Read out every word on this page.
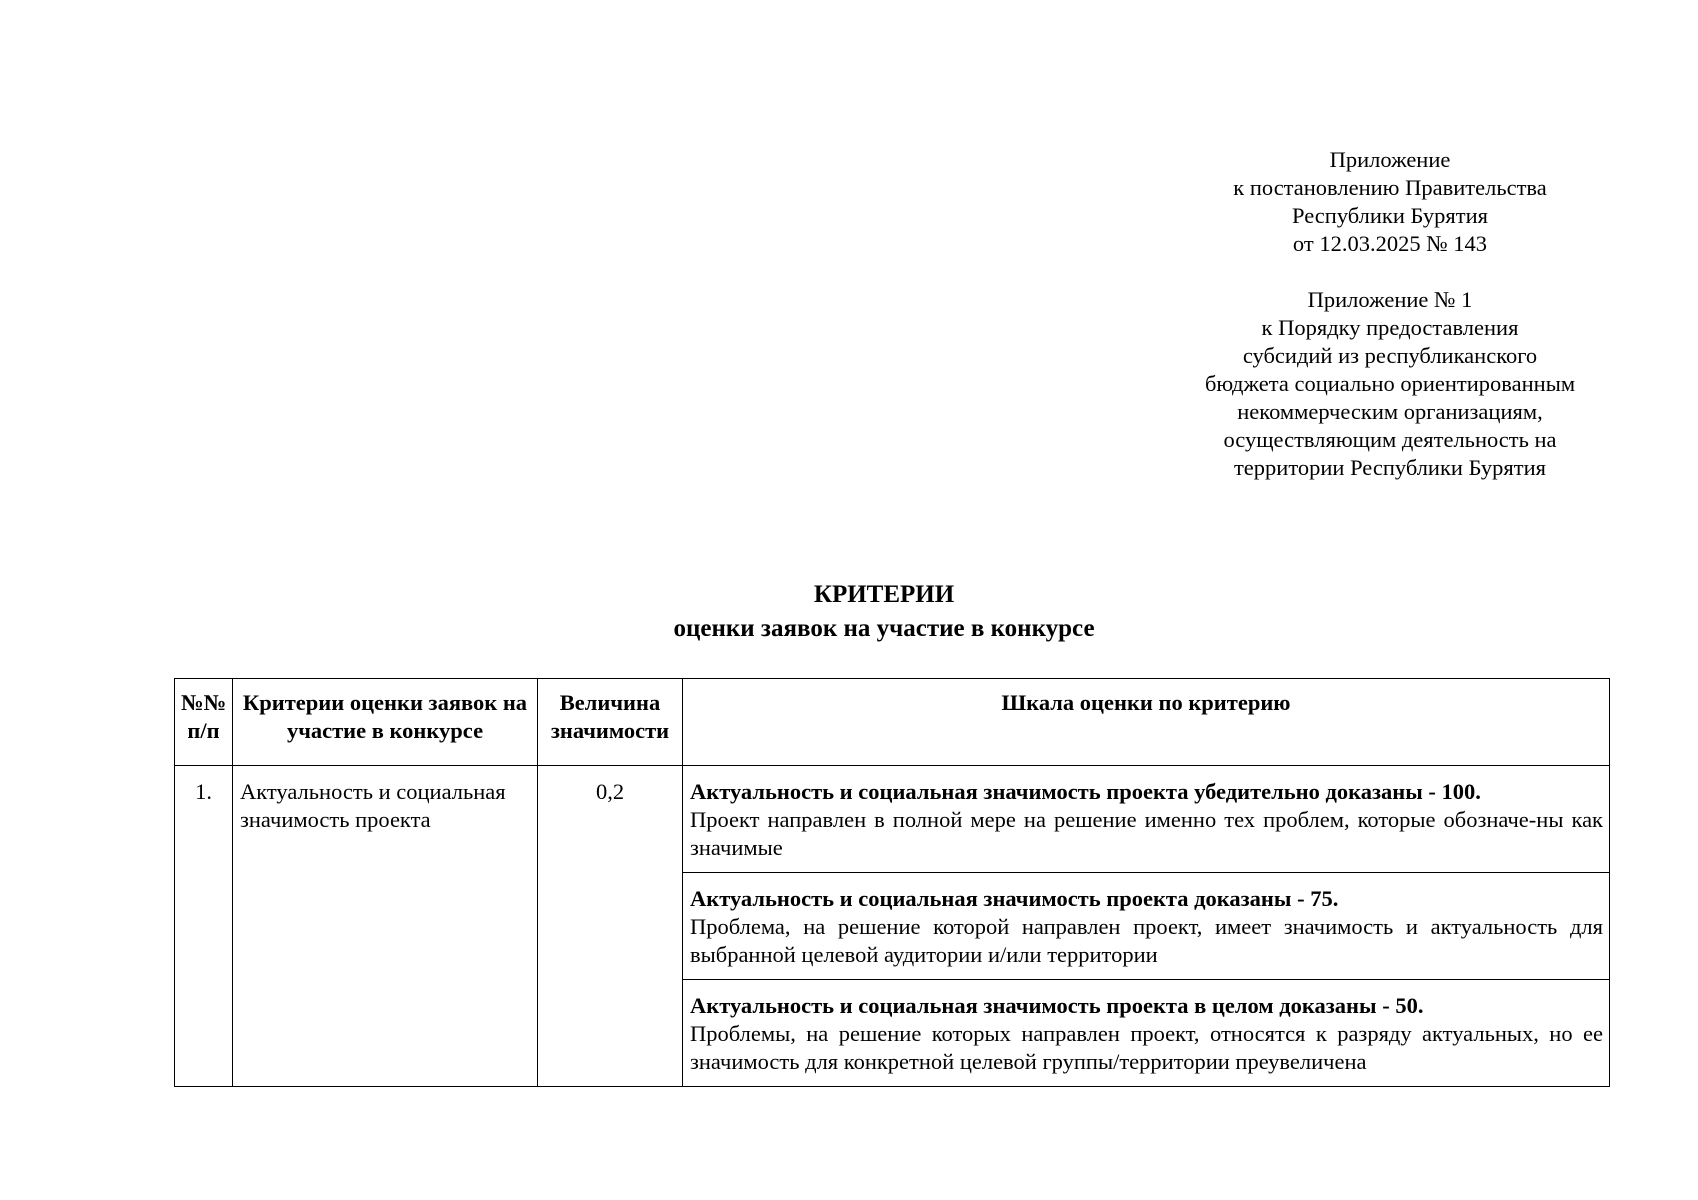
Приложение
к постановлению Правительства
Республики Бурятия
от 12.03.2025 № 143
Приложение № 1
к Порядку предоставления
субсидий из республиканского
бюджета социально ориентированным
некоммерческим организациям,
осуществляющим деятельность на
территории Республики Бурятия
КРИТЕРИИ
оценки заявок на участие в конкурсе
№№ п/п	Критерии оценки заявок на участие в конкурсе	Величина значимости	Шкала оценки по критерию
1.	Актуальность и социальная значимость проекта	0,2	Актуальность и социальная значимость проекта убедительно доказаны - 100.
Проект направлен в полной мере на решение именно тех проблем, которые обозначе-ны как значимые

			Актуальность и социальная значимость проекта доказаны - 75.
Проблема, на решение которой направлен проект, имеет значимость и актуальность для выбранной целевой аудитории и/или территории

			Актуальность и социальная значимость проекта в целом доказаны - 50.
Проблемы, на решение которых направлен проект, относятся к разряду актуальных, но ее значимость для конкретной целевой группы/территории преувеличена
